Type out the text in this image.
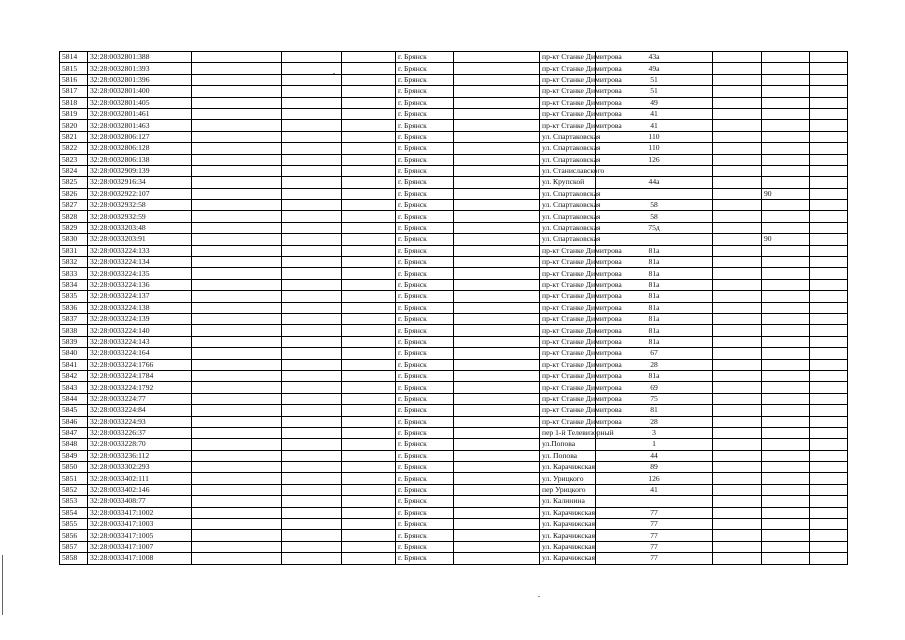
5814	32:28:0032801:388				г. Брянск		пр-кт Станке Димитрова	43а			
5815	32:28:0032801:393				г. Брянск		пр-кт Станке Димитрова	49а			
5816	32:28:0032801:396				г. Брянск		пр-кт Станке Димитрова	51			
5817	32:28:0032801:400				г. Брянск		пр-кт Станке Димитрова	51			
5818	32:28:0032801:405				г. Брянск		пр-кт Станке Димитрова	49			
5819	32:28:0032801:461				г. Брянск		пр-кт Станке Димитрова	41			
5820	32:28:0032801:463				г. Брянск		пр-кт Станке Димитрова	41			
5821	32:28:0032806:127				г. Брянск		ул. Спартаковская	110			
5822	32:28:0032806:128				г. Брянск		ул. Спартаковская	110			
5823	32:28:0032806:138				г. Брянск		ул. Спартаковская	126			
5824	32:28:0032909:139				г. Брянск		ул. Станиславского				
5825	32:28:0032916:34				г. Брянск		ул. Крупской	44а			
5826	32:28:0032922:107				г. Брянск		ул. Спартаковская			90	
5827	32:28:0032932:58				г. Брянск		ул. Спартаковская	58			
5828	32:28:0032932:59				г. Брянск		ул. Спартаковская	58			
5829	32:28:0033203:48				г. Брянск		ул. Спартаковская	75д			
5830	32:28:0033203:91				г. Брянск		ул. Спартаковская			90	
5831	32:28:0033224:133				г. Брянск		пр-кт Станке Димитрова	81а			
5832	32:28:0033224:134				г. Брянск		пр-кт Станке Димитрова	81а			
5833	32:28:0033224:135				г. Брянск		пр-кт Станке Димитрова	81а			
5834	32:28:0033224:136				г. Брянск		пр-кт Станке Димитрова	81а			
5835	32:28:0033224:137				г. Брянск		пр-кт Станке Димитрова	81а			
5836	32:28:0033224:138				г. Брянск		пр-кт Станке Димитрова	81а			
5837	32:28:0033224:139				г. Брянск		пр-кт Станке Димитрова	81а			
5838	32:28:0033224:140				г. Брянск		пр-кт Станке Димитрова	81а			
5839	32:28:0033224:143				г. Брянск		пр-кт Станке Димитрова	81а			
5840	32:28:0033224:164				г. Брянск		пр-кт Станке Димитрова	67			
5841	32:28:0033224:1766				г. Брянск		пр-кт Станке Димитрова	28			
5842	32:28:0033224:1784				г. Брянск		пр-кт Станке Димитрова	81а			
5843	32:28:0033224:1792				г. Брянск		пр-кт Станке Димитрова	69			
5844	32:28:0033224:77				г. Брянск		пр-кт Станке Димитрова	75			
5845	32:28:0033224:84				г. Брянск		пр-кт Станке Димитрова	81			
5846	32:28:0033224:93				г. Брянск		пр-кт Станке Димитрова	28			
5847	32:28:0033226:37				г. Брянск		пер 1-й Телевизорный	3			
5848	32:28:0033228:70				г. Брянск		ул.Попова	1			
5849	32:28:0033236:112				г. Брянск		ул. Попова	44			
5850	32:28:0033302:293				г. Брянск		ул. Карачижская	89			
5851	32:28:0033402:111				г. Брянск		ул. Урицкого	126			
5852	32:28:0033402:146				г. Брянск		пер Урицкого	41			
5853	32:28:0033408:77				г. Брянск		ул. Калинина				
5854	32:28:0033417:1002				г. Брянск		ул. Карачижская	77			
5855	32:28:0033417:1003				г. Брянск		ул. Карачижская	77			
5856	32:28:0033417:1005				г. Брянск		ул. Карачижская	77			
5857	32:28:0033417:1007				г. Брянск		ул. Карачижская	77			
5858	32:28:0033417:1008				г. Брянск		ул. Карачижская	77			
